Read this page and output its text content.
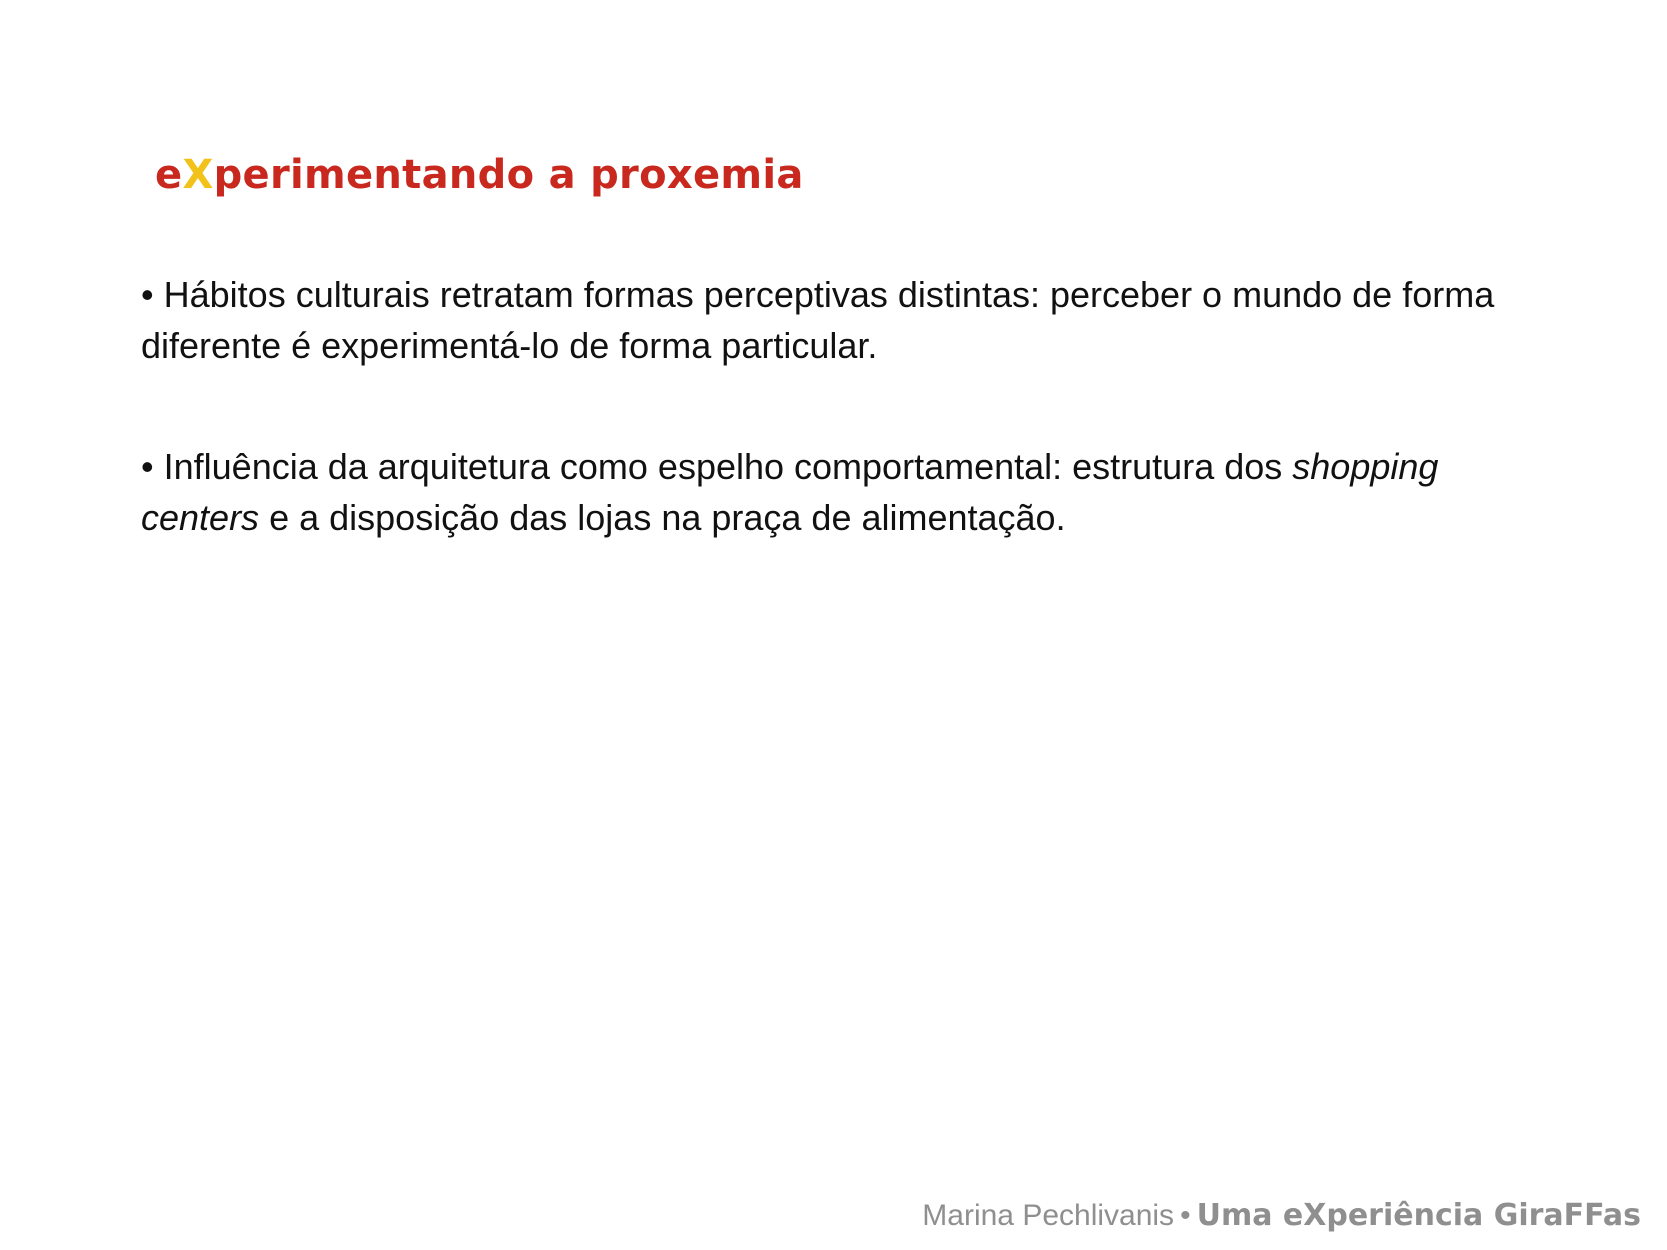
eXperimentando a proxemia
• Hábitos culturais retratam formas perceptivas distintas: perceber o mundo de forma diferente é experimentá-lo de forma particular.
• Influência da arquitetura como espelho comportamental: estrutura dos shopping centers e a disposição das lojas na praça de alimentação.

Marina Pechlivanis • Uma eXperiência GiraFFas
